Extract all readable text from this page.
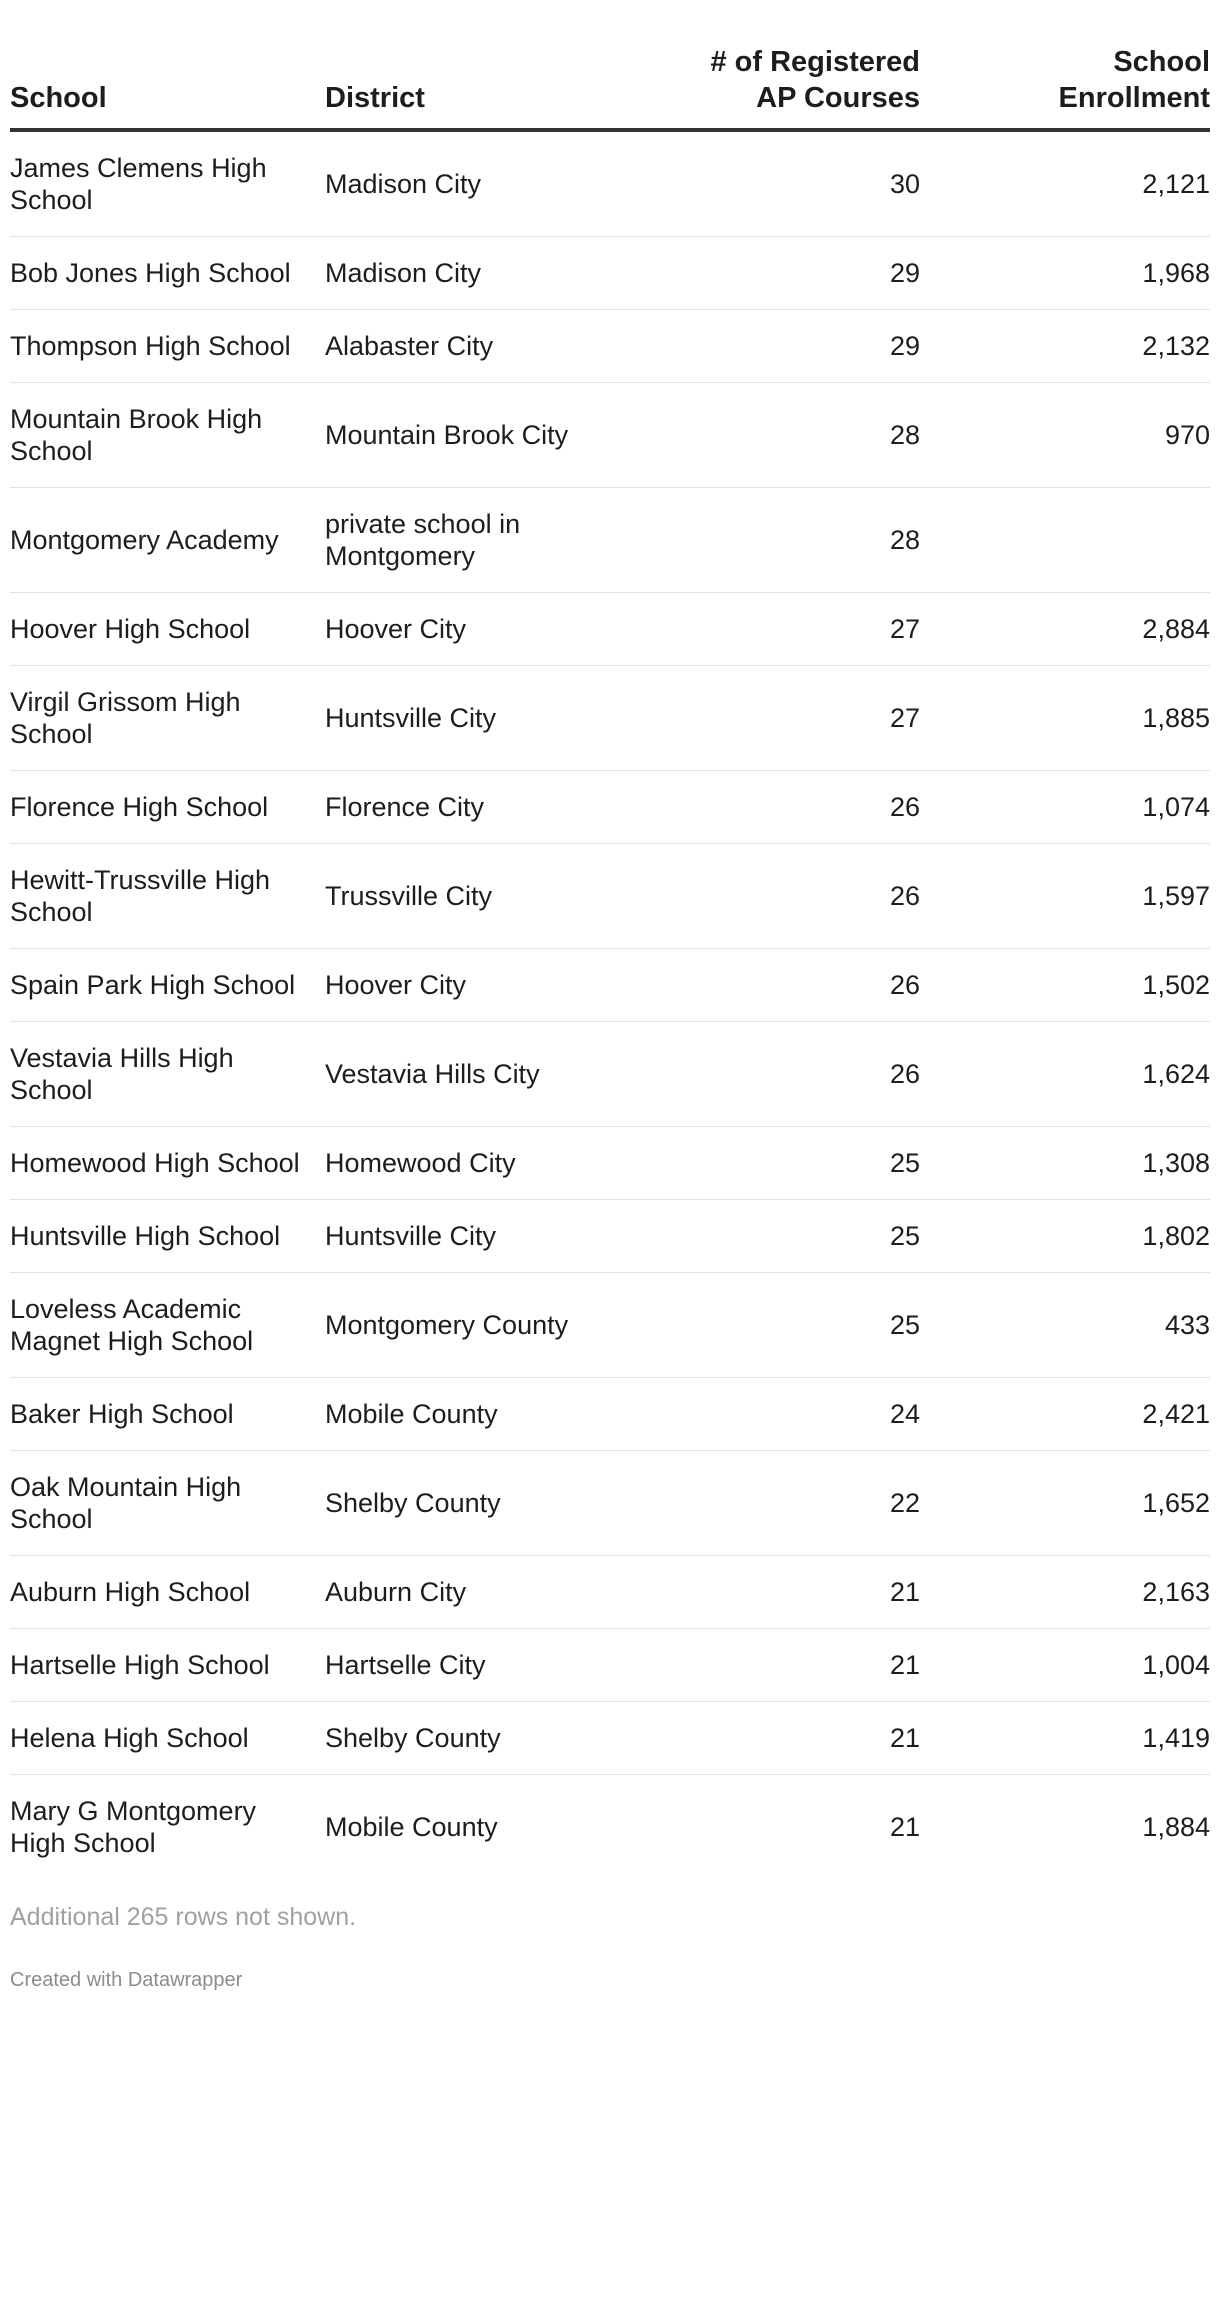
School	District	# of Registered AP Courses	School Enrollment
James Clemens High School	Madison City	30	2,121
Bob Jones High School	Madison City	29	1,968
Thompson High School	Alabaster City	29	2,132
Mountain Brook High School	Mountain Brook City	28	970
Montgomery Academy	private school in Montgomery	28	
Hoover High School	Hoover City	27	2,884
Virgil Grissom High School	Huntsville City	27	1,885
Florence High School	Florence City	26	1,074
Hewitt-Trussville High School	Trussville City	26	1,597
Spain Park High School	Hoover City	26	1,502
Vestavia Hills High School	Vestavia Hills City	26	1,624
Homewood High School	Homewood City	25	1,308
Huntsville High School	Huntsville City	25	1,802
Loveless Academic Magnet High School	Montgomery County	25	433
Baker High School	Mobile County	24	2,421
Oak Mountain High School	Shelby County	22	1,652
Auburn High School	Auburn City	21	2,163
Hartselle High School	Hartselle City	21	1,004
Helena High School	Shelby County	21	1,419
Mary G Montgomery High School	Mobile County	21	1,884
Additional 265 rows not shown.
Created with Datawrapper
